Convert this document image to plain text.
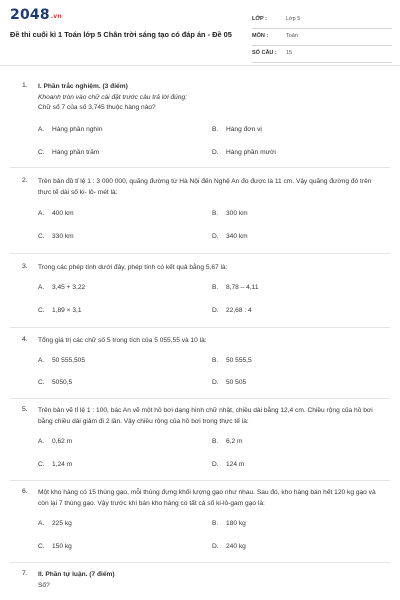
2048.vn
Đề thi cuối kì 1 Toán lớp 5 Chân trời sáng tạo có đáp án - Đề 05
LỚP :	Lớp 5
MÔN :	Toán
SỐ CÂU : 15
1. I. Phần trắc nghiệm. (3 điểm)
Khoanh tròn vào chữ cái đặt trước câu trả lời đúng:
Chữ số 7 của số 3,745 thuộc hàng nào?
A. Hàng phần nghìn	B. Hàng đơn vị
C. Hàng phần trăm	D. Hàng phần mười
2. Trên bản đồ tỉ lệ 1 : 3 000 000, quãng đường từ Hà Nội đến Nghệ An đo được là 11 cm. Vậy quãng đường đó trên thực tế dài số ki- lô- mét là:
A. 400 km	B. 300 km
C. 330 km	D. 340 km
3. Trong các phép tính dưới đây, phép tính có kết quả bằng 5,67 là:
A. 3,45 + 3,22	B. 8,78 – 4,11
C. 1,89 × 3,1	D. 22,68 : 4
4. Tổng giá trị các chữ số 5 trong tích của 5 055,55 và 10 là:
A. 50 555,505	B. 50 555,5
C. 5050,5	D. 50 505
5. Trên bản vẽ tỉ lệ 1 : 100, bác An vẽ một hồ bơi dạng hình chữ nhật, chiều dài bằng 12,4 cm. Chiều rộng của hồ bơi bằng chiều dài giảm đi 2 lần. Vậy chiều rộng của hồ bơi trong thực tế là:
A. 0,62 m	B. 6,2 m
C. 1,24 m	D. 124 m
6. Một kho hàng có 15 thùng gạo, mỗi thùng đựng khối lượng gạo như nhau. Sau đó, kho hàng bán hết 120 kg gạo và còn lại 7 thùng gạo. Vậy trước khi bán kho hàng có tất cả số ki-lô-gam gạo là:
A. 225 kg	B. 180 kg
C. 150 kg	D. 240 kg
7. II. Phần tự luận. (7 điểm)
Số?
